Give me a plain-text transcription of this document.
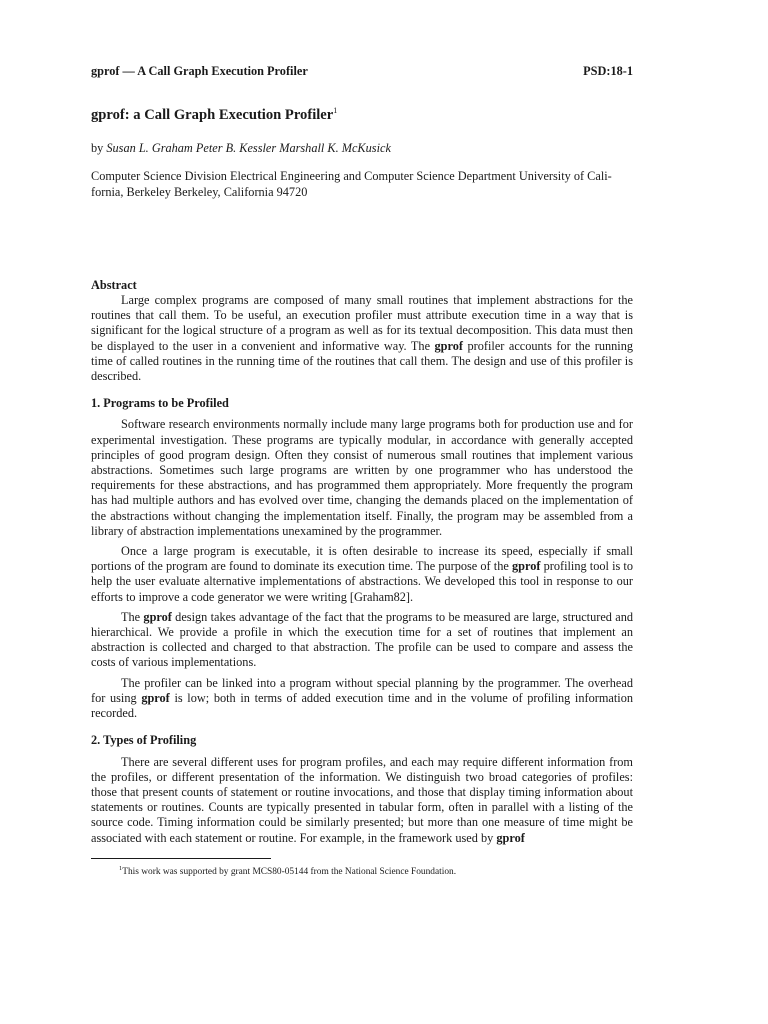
gprof — A Call Graph Execution Profiler	PSD:18-1
gprof: a Call Graph Execution Profiler$^1$
by Susan L. Graham Peter B. Kessler Marshall K. McKusick
Computer Science Division Electrical Engineering and Computer Science Department University of Cali-
fornia, Berkeley Berkeley, California 94720
Abstract

Large complex programs are composed of many small routines that implement abstractions for the routines that call them. To be useful, an execution profiler must attribute execution time in a way that is significant for the logical structure of a program as well as for its textual decomposition. This data must then be displayed to the user in a convenient and informative way. The gprof profiler accounts for the running time of called routines in the running time of the routines that call them. The design and use of this profiler is described.

1. Programs to be Profiled

Software research environments normally include many large programs both for production use and for experimental investigation. These programs are typically modular, in accordance with generally accepted principles of good program design. Often they consist of numerous small routines that implement various abstractions. Sometimes such large programs are written by one programmer who has understood the requirements for these abstractions, and has programmed them appropriately. More frequently the program has had multiple authors and has evolved over time, changing the demands placed on the implementation of the abstractions without changing the implementation itself. Finally, the program may be assembled from a library of abstraction implementations unexamined by the programmer.

Once a large program is executable, it is often desirable to increase its speed, especially if small portions of the program are found to dominate its execution time. The purpose of the gprof profiling tool is to help the user evaluate alternative implementations of abstractions. We developed this tool in response to our efforts to improve a code generator we were writing [Graham82].

The gprof design takes advantage of the fact that the programs to be measured are large, structured and hierarchical. We provide a profile in which the execution time for a set of routines that implement an abstraction is collected and charged to that abstraction. The profile can be used to compare and assess the costs of various implementations.

The profiler can be linked into a program without special planning by the programmer. The overhead for using gprof is low; both in terms of added execution time and in the volume of profiling information recorded.

2. Types of Profiling

There are several different uses for program profiles, and each may require different information from the profiles, or different presentation of the information. We distinguish two broad categories of profiles: those that present counts of statement or routine invocations, and those that display timing information about statements or routines. Counts are typically presented in tabular form, often in parallel with a listing of the source code. Timing information could be similarly presented; but more than one measure of time might be associated with each statement or routine. For example, in the framework used by gprof

$^1$This work was supported by grant MCS80-05144 from the National Science Foundation.
